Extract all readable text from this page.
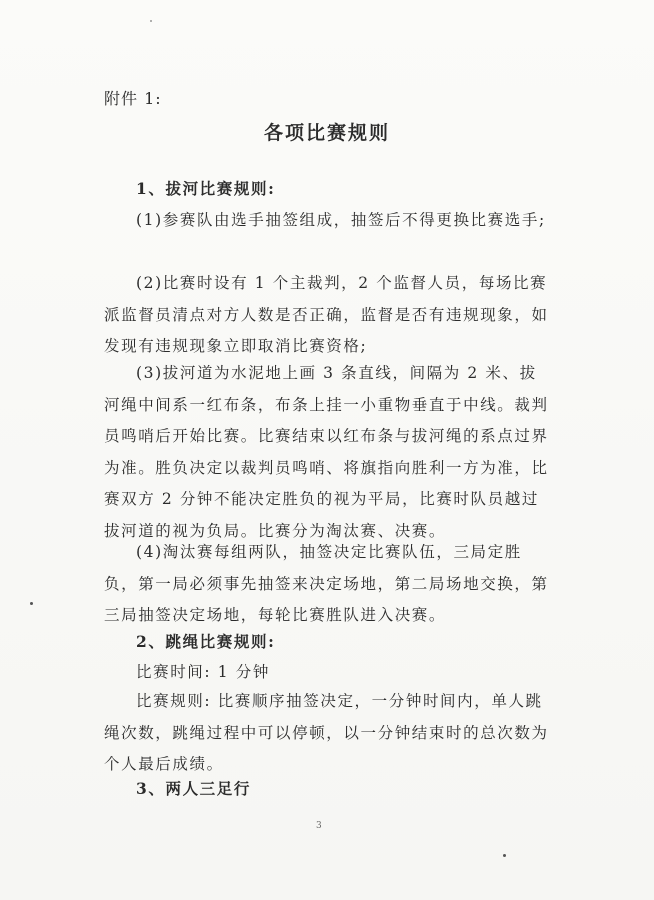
附件 1:
各项比赛规则
1、拔河比赛规则:
(1)参赛队由选手抽签组成，抽签后不得更换比赛选手;
(2)比赛时设有 1 个主裁判，2 个监督人员，每场比赛派监督员清点对方人数是否正确，监督是否有违规现象，如发现有违规现象立即取消比赛资格;
(3)拔河道为水泥地上画 3 条直线，间隔为 2 米、拔河绳中间系一红布条，布条上挂一小重物垂直于中线。裁判员鸣哨后开始比赛。比赛结束以红布条与拔河绳的系点过界为准。胜负决定以裁判员鸣哨、将旗指向胜利一方为准，比赛双方 2 分钟不能决定胜负的视为平局，比赛时队员越过拔河道的视为负局。比赛分为淘汰赛、决赛。
(4)淘汰赛每组两队，抽签决定比赛队伍，三局定胜负，第一局必须事先抽签来决定场地，第二局场地交换，第三局抽签决定场地，每轮比赛胜队进入决赛。
2、跳绳比赛规则:
比赛时间: 1 分钟
比赛规则: 比赛顺序抽签决定，一分钟时间内，单人跳绳次数，跳绳过程中可以停顿，以一分钟结束时的总次数为个人最后成绩。
3、两人三足行
3
